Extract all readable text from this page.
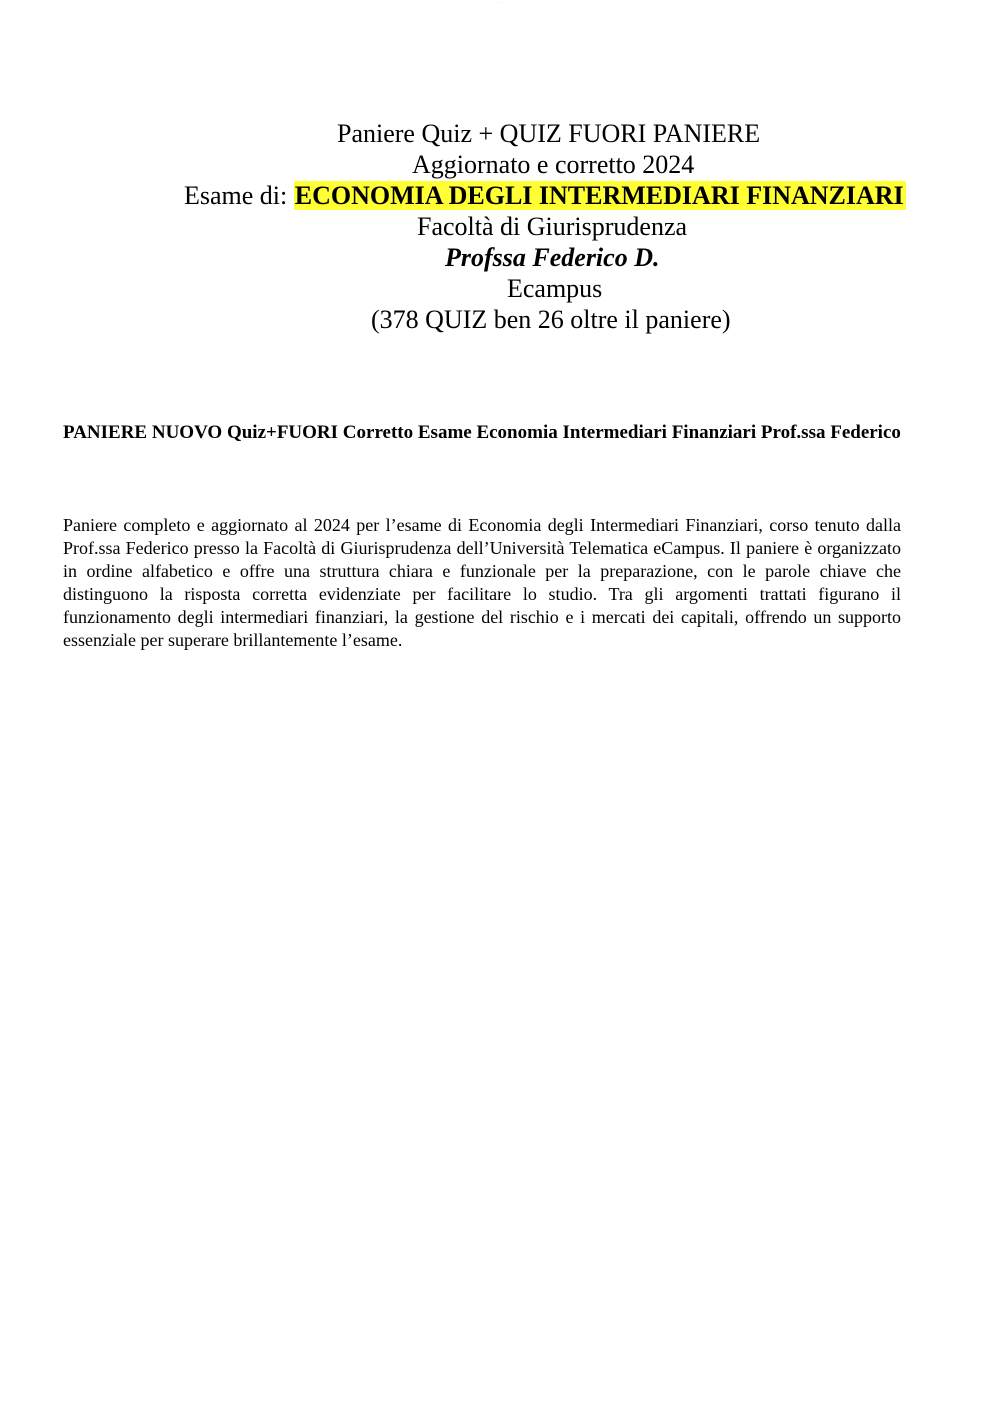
· ·· ·· ·· ·
Paniere Quiz + QUIZ FUORI PANIERE
Aggiornato e corretto 2024
Esame di: ECONOMIA DEGLI INTERMEDIARI FINANZIARI
Facoltà di Giurisprudenza
Profssa Federico D.
Ecampus
(378 QUIZ ben 26 oltre il paniere)

PANIERE NUOVO Quiz+FUORI Corretto Esame Economia Intermediari Finanziari Prof.ssa Federico

Paniere completo e aggiornato al 2024 per l’esame di Economia degli Intermediari Finanziari, corso tenuto dalla Prof.ssa Federico presso la Facoltà di Giurisprudenza dell’Università Telematica eCampus. Il paniere è organizzato in ordine alfabetico e offre una struttura chiara e funzionale per la preparazione, con le parole chiave che distinguono la risposta corretta evidenziate per facilitare lo studio. Tra gli argomenti trattati figurano il funzionamento degli intermediari finanziari, la gestione del rischio e i mercati dei capitali, offrendo un supporto essenziale per superare brillantemente l’esame.
